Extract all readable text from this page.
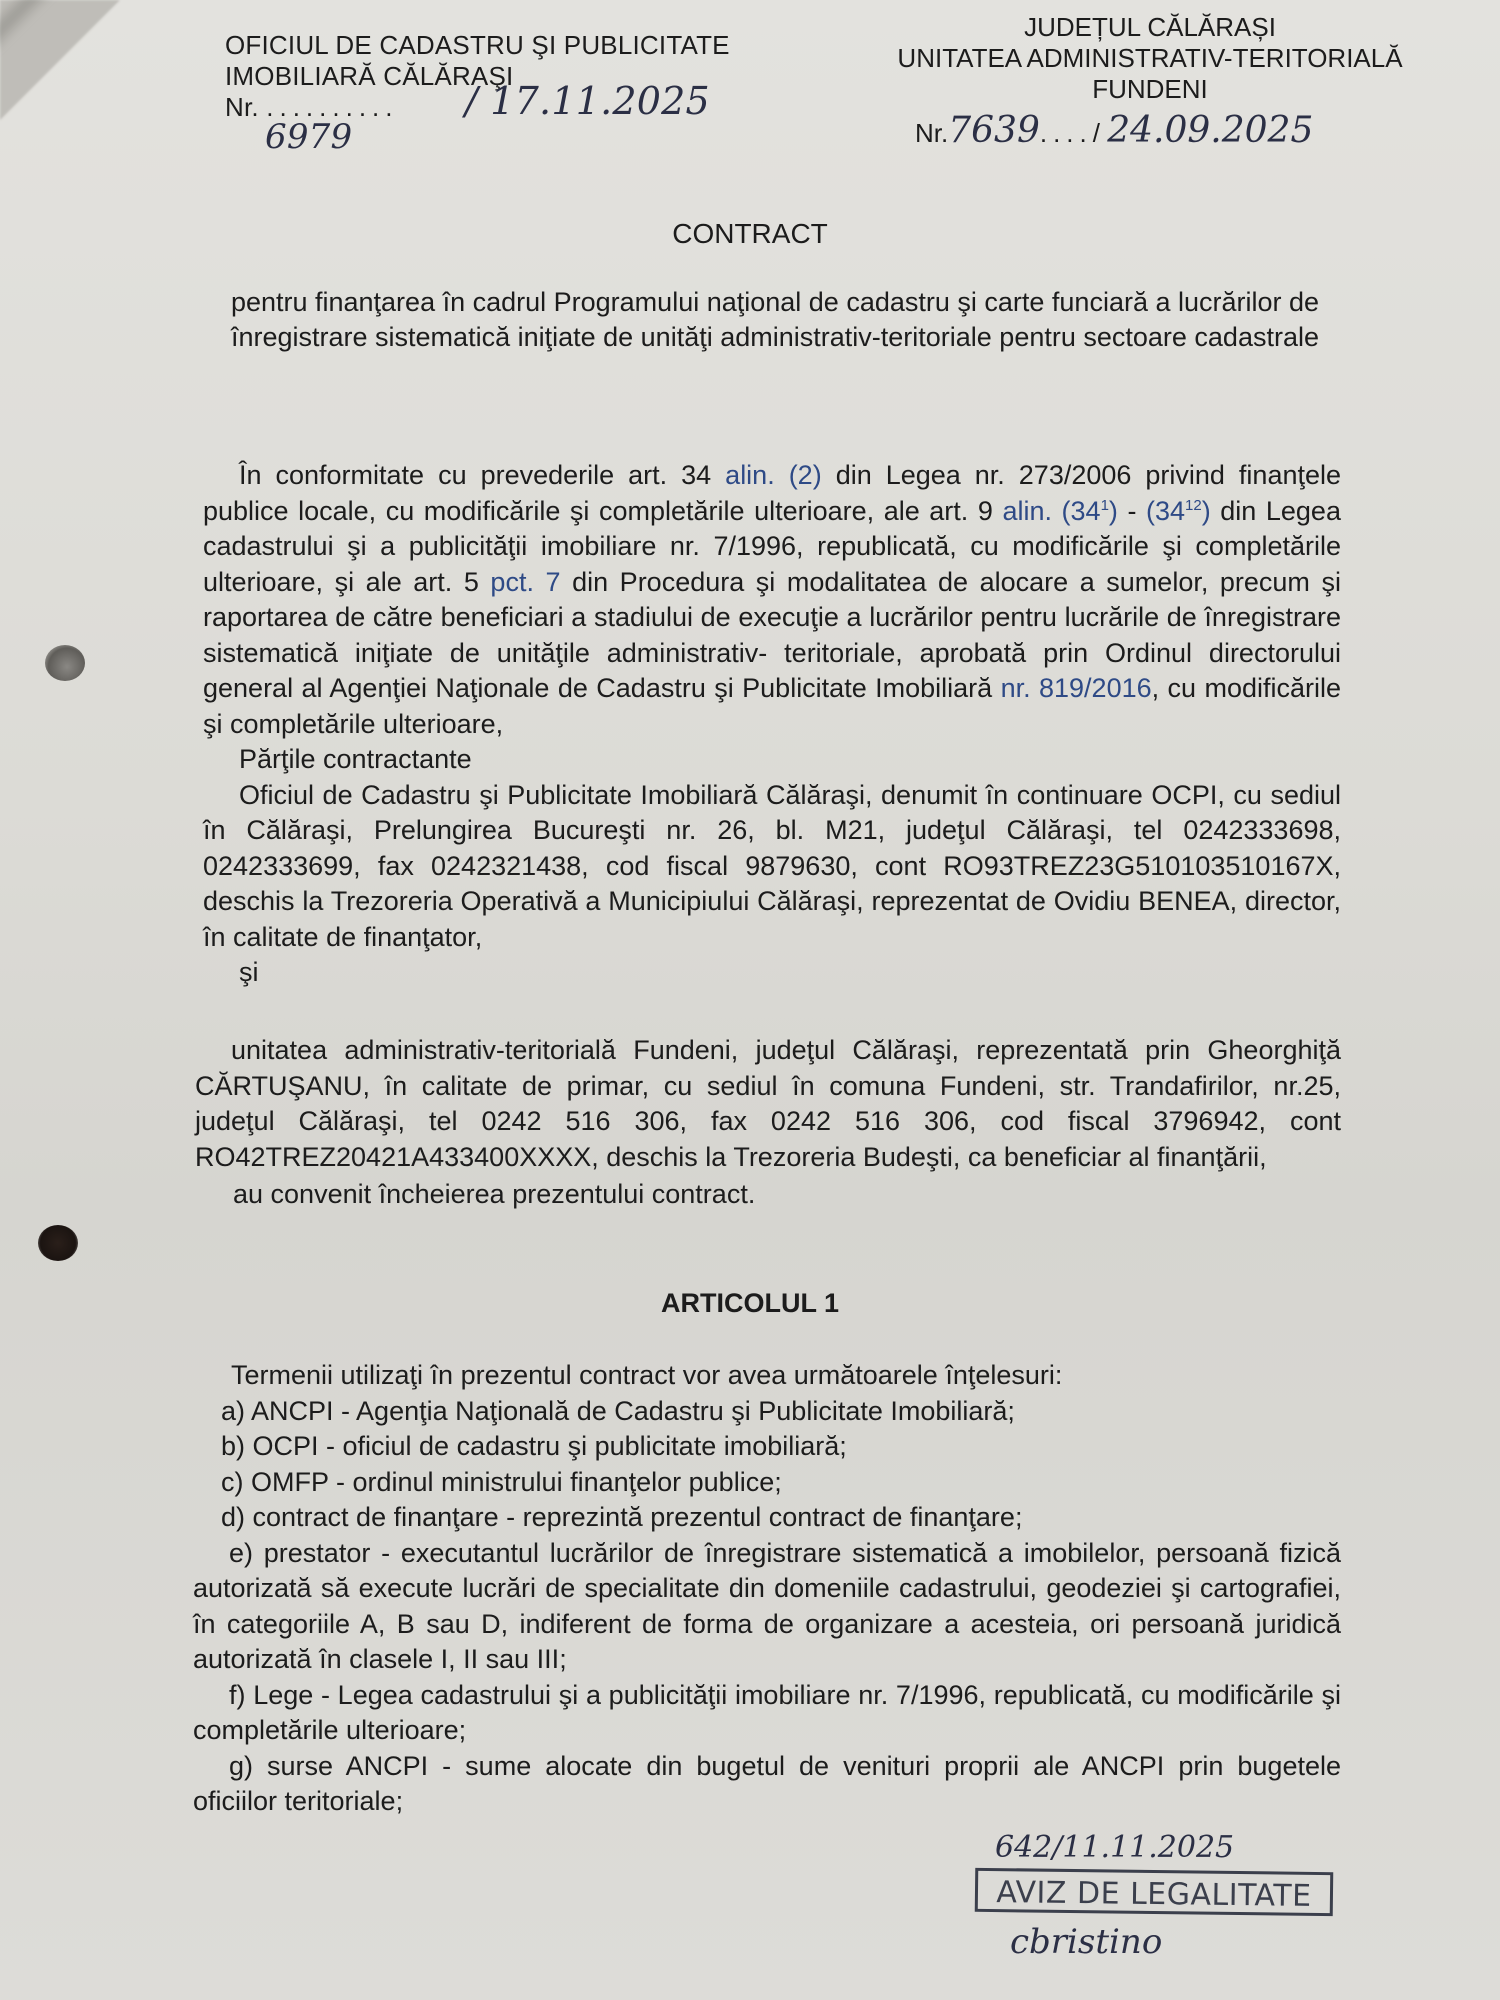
OFICIUL DE CADASTRU ŞI PUBLICITATE
IMOBILIARĂ CĂLĂRAŞI
Nr. ..........
6979
/ 17.11.2025
JUDEȚUL CĂLĂRAȘI
UNITATEA ADMINISTRATIV-TERITORIALĂ
FUNDENI
Nr.7639..../ 24.09.2025
CONTRACT
pentru finanţarea în cadrul Programului naţional de cadastru şi carte funciară a lucrărilor de înregistrare sistematică iniţiate de unităţi administrativ-teritoriale pentru sectoare cadastrale

În conformitate cu prevederile art. 34 alin. (2) din Legea nr. 273/2006 privind finanţele publice locale, cu modificările şi completările ulterioare, ale art. 9 alin. $(34^1) - (34^{12})$ din Legea cadastrului şi a publicităţii imobiliare nr. 7/1996, republicată, cu modificările şi completările ulterioare, şi ale art. 5 pct. 7 din Procedura şi modalitatea de alocare a sumelor, precum şi raportarea de către beneficiari a stadiului de execuţie a lucrărilor pentru lucrările de înregistrare sistematică iniţiate de unităţile administrativ- teritoriale, aprobată prin Ordinul directorului general al Agenţiei Naţionale de Cadastru şi Publicitate Imobiliară nr. 819/2016, cu modificările şi completările ulterioare,

Părţile contractante

Oficiul de Cadastru şi Publicitate Imobiliară Călăraşi, denumit în continuare OCPI, cu sediul în Călăraşi, Prelungirea Bucureşti nr. 26, bl. M21, judeţul Călăraşi, tel 0242333698, 0242333699, fax 0242321438, cod fiscal 9879630, cont RO93TREZ23G510103510167X, deschis la Trezoreria Operativă a Municipiului Călăraşi, reprezentat de Ovidiu BENEA, director, în calitate de finanţator,

şi

unitatea administrativ-teritorială Fundeni, judeţul Călăraşi, reprezentată prin Gheorghiţă CĂRTUŞANU, în calitate de primar, cu sediul în comuna Fundeni, str. Trandafirilor, nr.25, judeţul Călăraşi, tel 0242 516 306, fax 0242 516 306, cod fiscal 3796942, cont RO42TREZ20421A433400XXXX, deschis la Trezoreria Budeşti, ca beneficiar al finanţării,

au convenit încheierea prezentului contract.

ARTICOLUL 1

Termenii utilizaţi în prezentul contract vor avea următoarele înţelesuri:

a) ANCPI - Agenţia Naţională de Cadastru şi Publicitate Imobiliară;

b) OCPI - oficiul de cadastru şi publicitate imobiliară;

c) OMFP - ordinul ministrului finanţelor publice;

d) contract de finanţare - reprezintă prezentul contract de finanţare;

e) prestator - executantul lucrărilor de înregistrare sistematică a imobilelor, persoană fizică autorizată să execute lucrări de specialitate din domeniile cadastrului, geodeziei şi cartografiei, în categoriile A, B sau D, indiferent de forma de organizare a acesteia, ori persoană juridică autorizată în clasele I, II sau III;

f) Lege - Legea cadastrului şi a publicităţii imobiliare nr. 7/1996, republicată, cu modificările şi completările ulterioare;

g) surse ANCPI - sume alocate din bugetul de venituri proprii ale ANCPI prin bugetele oficiilor teritoriale;

642/11.11.2025
AVIZ DE LEGALITATE
cbristino
